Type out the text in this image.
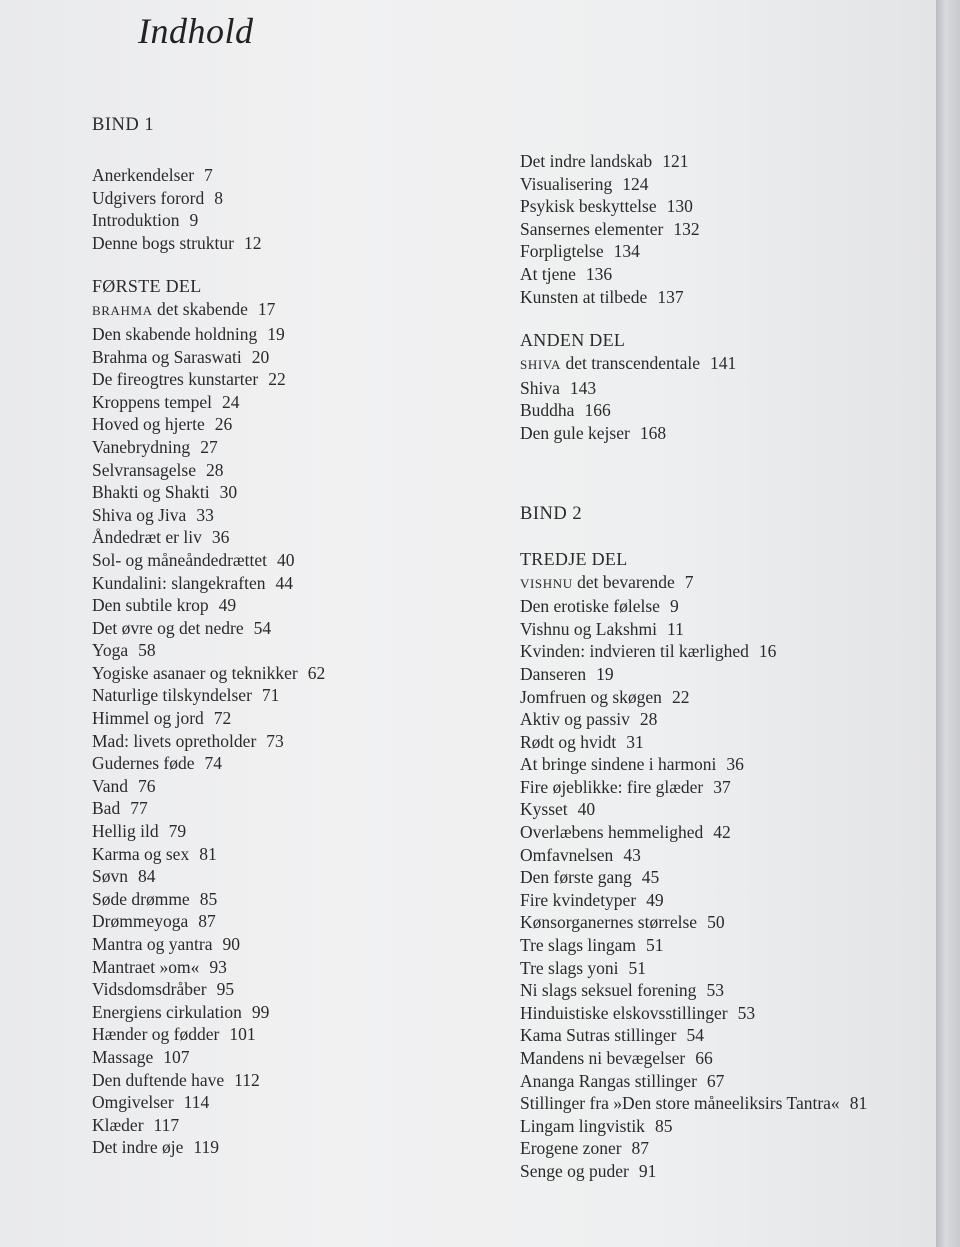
Indhold
BIND 1
Anerkendelser 7
Udgivers forord 8
Introduktion 9
Denne bogs struktur 12
FØRSTE DEL
BRAHMA det skabende 17
Den skabende holdning 19
Brahma og Saraswati 20
De fireogtres kunstarter 22
Kroppens tempel 24
Hoved og hjerte 26
Vanebrydning 27
Selvransagelse 28
Bhakti og Shakti 30
Shiva og Jiva 33
Åndedræt er liv 36
Sol- og måneåndedrættet 40
Kundalini: slangekraften 44
Den subtile krop 49
Det øvre og det nedre 54
Yoga 58
Yogiske asanaer og teknikker 62
Naturlige tilskyndelser 71
Himmel og jord 72
Mad: livets opretholder 73
Gudernes føde 74
Vand 76
Bad 77
Hellig ild 79
Karma og sex 81
Søvn 84
Søde drømme 85
Drømmeyoga 87
Mantra og yantra 90
Mantraet »om« 93
Vidsdomsdråber 95
Energiens cirkulation 99
Hænder og fødder 101
Massage 107
Den duftende have 112
Omgivelser 114
Klæder 117
Det indre øje 119
Det indre landskab 121
Visualisering 124
Psykisk beskyttelse 130
Sansernes elementer 132
Forpligtelse 134
At tjene 136
Kunsten at tilbede 137
ANDEN DEL
SHIVA det transcendentale 141
Shiva 143
Buddha 166
Den gule kejser 168
BIND 2
TREDJE DEL
VISHNU det bevarende 7
Den erotiske følelse 9
Vishnu og Lakshmi 11
Kvinden: indvieren til kærlighed 16
Danseren 19
Jomfruen og skøgen 22
Aktiv og passiv 28
Rødt og hvidt 31
At bringe sindene i harmoni 36
Fire øjeblikke: fire glæder 37
Kysset 40
Overlæbens hemmelighed 42
Omfavnelsen 43
Den første gang 45
Fire kvindetyper 49
Kønsorganernes størrelse 50
Tre slags lingam 51
Tre slags yoni 51
Ni slags seksuel forening 53
Hinduistiske elskovsstillinger 53
Kama Sutras stillinger 54
Mandens ni bevægelser 66
Ananga Rangas stillinger 67
Stillinger fra »Den store måneeliksirs Tantra« 81
Lingam lingvistik 85
Erogene zoner 87
Senge og puder 91
